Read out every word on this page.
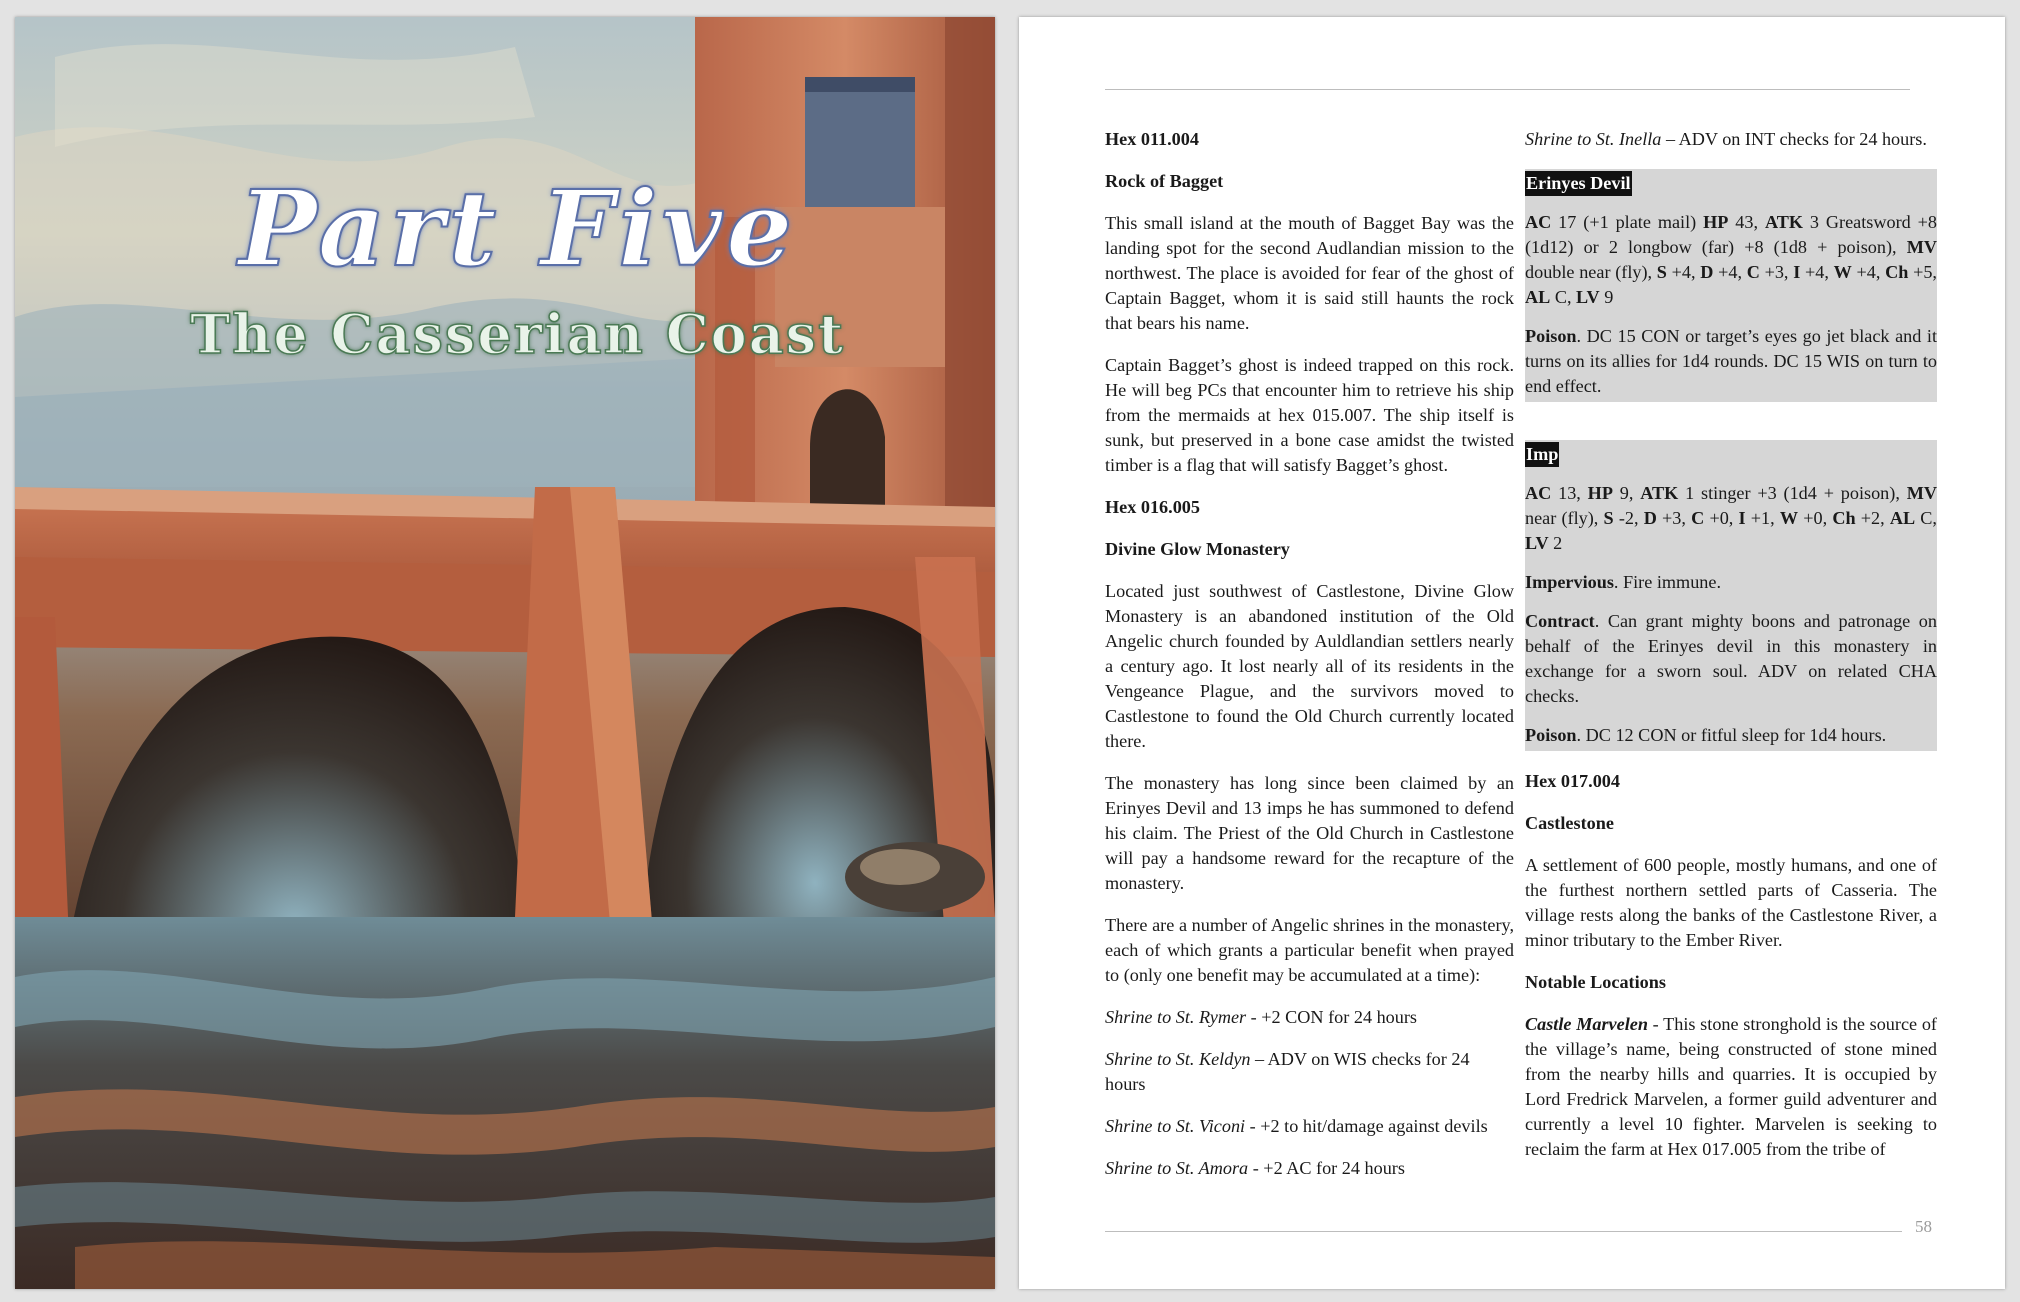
Part Five
The Casserian Coast

Hex 011.004

Rock of Bagget

This small island at the mouth of Bagget Bay was the landing spot for the second Audlandian mission to the northwest. The place is avoided for fear of the ghost of Captain Bagget, whom it is said still haunts the rock that bears his name.

Captain Bagget’s ghost is indeed trapped on this rock. He will beg PCs that encounter him to retrieve his ship from the mermaids at hex 015.007. The ship itself is sunk, but preserved in a bone case amidst the twisted timber is a flag that will satisfy Bagget’s ghost.

Hex 016.005

Divine Glow Monastery

Located just southwest of Castlestone, Divine Glow Monastery is an abandoned institution of the Old Angelic church founded by Auldlandian settlers nearly a century ago. It lost nearly all of its residents in the Vengeance Plague, and the survivors moved to Castlestone to found the Old Church currently located there.

The monastery has long since been claimed by an Erinyes Devil and 13 imps he has summoned to defend his claim. The Priest of the Old Church in Castlestone will pay a handsome reward for the recapture of the monastery.

There are a number of Angelic shrines in the monastery, each of which grants a particular benefit when prayed to (only one benefit may be accumulated at a time):

Shrine to St. Rymer - +2 CON for 24 hours

Shrine to St. Keldyn – ADV on WIS checks for 24 hours

Shrine to St. Viconi - +2 to hit/damage against devils

Shrine to St. Amora - +2 AC for 24 hours

Shrine to St. Inella – ADV on INT checks for 24 hours.

Erinyes Devil

AC 17 (+1 plate mail) HP 43, ATK 3 Greatsword +8 (1d12) or 2 longbow (far) +8 (1d8 + poison), MV double near (fly), S +4, D +4, C +3, I +4, W +4, Ch +5, AL C, LV 9

Poison. DC 15 CON or target’s eyes go jet black and it turns on its allies for 1d4 rounds. DC 15 WIS on turn to end effect.

Imp

AC 13, HP 9, ATK 1 stinger +3 (1d4 + poison), MV near (fly), S -2, D +3, C +0, I +1, W +0, Ch +2, AL C, LV 2

Impervious. Fire immune.

Contract. Can grant mighty boons and patronage on behalf of the Erinyes devil in this monastery in exchange for a sworn soul. ADV on related CHA checks.

Poison. DC 12 CON or fitful sleep for 1d4 hours.

Hex 017.004

Castlestone

A settlement of 600 people, mostly humans, and one of the furthest northern settled parts of Casseria. The village rests along the banks of the Castlestone River, a minor tributary to the Ember River.

Notable Locations

Castle Marvelen - This stone stronghold is the source of the village’s name, being constructed of stone mined from the nearby hills and quarries. It is occupied by Lord Fredrick Marvelen, a former guild adventurer and currently a level 10 fighter. Marvelen is seeking to reclaim the farm at Hex 017.005 from the tribe of

58
